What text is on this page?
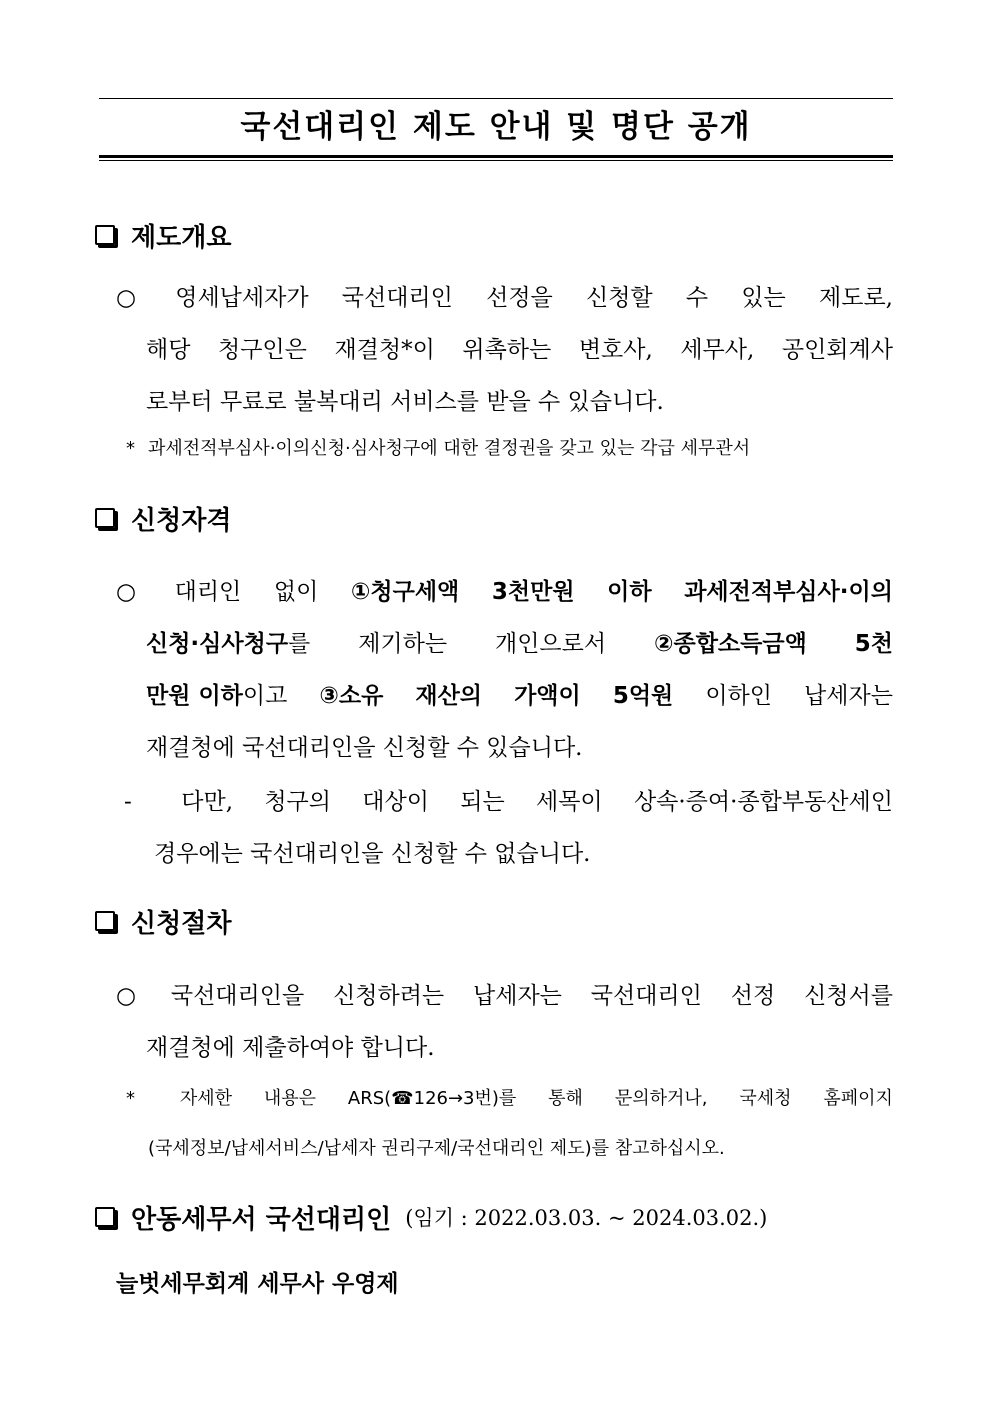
국선대리인 제도 안내 및 명단 공개
제도개요
○ 영세납세자가 국선대리인 선정을 신청할 수 있는 제도로,
해당 청구인은 재결청*이 위촉하는 변호사, 세무사, 공인회계사
로부터 무료로 불복대리 서비스를 받을 수 있습니다.
* 과세전적부심사·이의신청·심사청구에 대한 결정권을 갖고 있는 각급 세무관서
신청자격
○ 대리인 없이 ①청구세액 3천만원 이하 과세전적부심사·이의
신청·심사청구 를 제기하는 개인으로서 ②종합소득금액 5천
만원 이하 이고 ③소유 재산의 가액이 5억원 이하인 납세자는
재결청에 국선대리인을 신청할 수 있습니다.
-	다만, 청구의 대상이 되는 세목이 상속·증여·종합부동산세인
경우에는 국선대리인을 신청할 수 없습니다.
신청절차
○ 국선대리인을 신청하려는 납세자는 국선대리인 선정 신청서를
재결청에 제출하여야 합니다.
*	자세한 내용은 ARS(☎126→3번)를 통해 문의하거나, 국세청 홈페이지
(국세정보/납세서비스/납세자 권리구제/국선대리인 제도)를 참고하십시오.
안동세무서 국선대리인 (임기 : 2022.03.03. ~ 2024.03.02.)
늘벗세무회계 세무사 우영제
